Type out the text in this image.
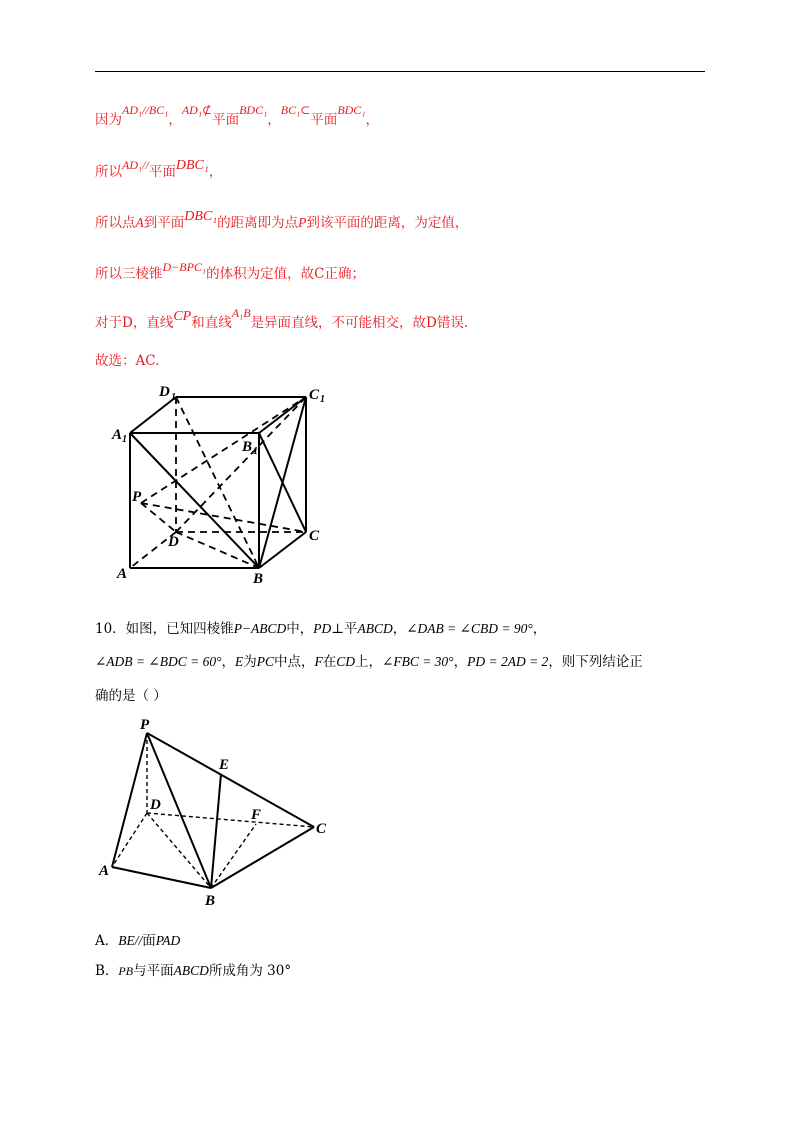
因为AD₁//BC₁，AD₁⊄平面BDC₁，BC₁⊂平面BDC₁，
所以AD₁//平面DBC₁，
所以点A到平面DBC₁的距离即为点P到该平面的距离，为定值，
所以三棱锥D−BPC₁的体积为定值，故C正确；
对于D，直线CP和直线A₁B是异面直线，不可能相交，故D错误.
故选：AC.
D 1	C 1
A 1	B 1
P
D	C
A	B
10．如图，已知四棱锥P−ABCD中，PD⊥平ABCD，∠DAB = ∠CBD = 90°，
∠ADB = ∠BDC = 60°，E为PC中点，F在CD上，∠FBC = 30°，PD = 2AD = 2，则下列结论正
确的是（ ）
P
E
D
F
C
A
B
A．BE//面PAD
B．PB与平面ABCD所成角为 30°
